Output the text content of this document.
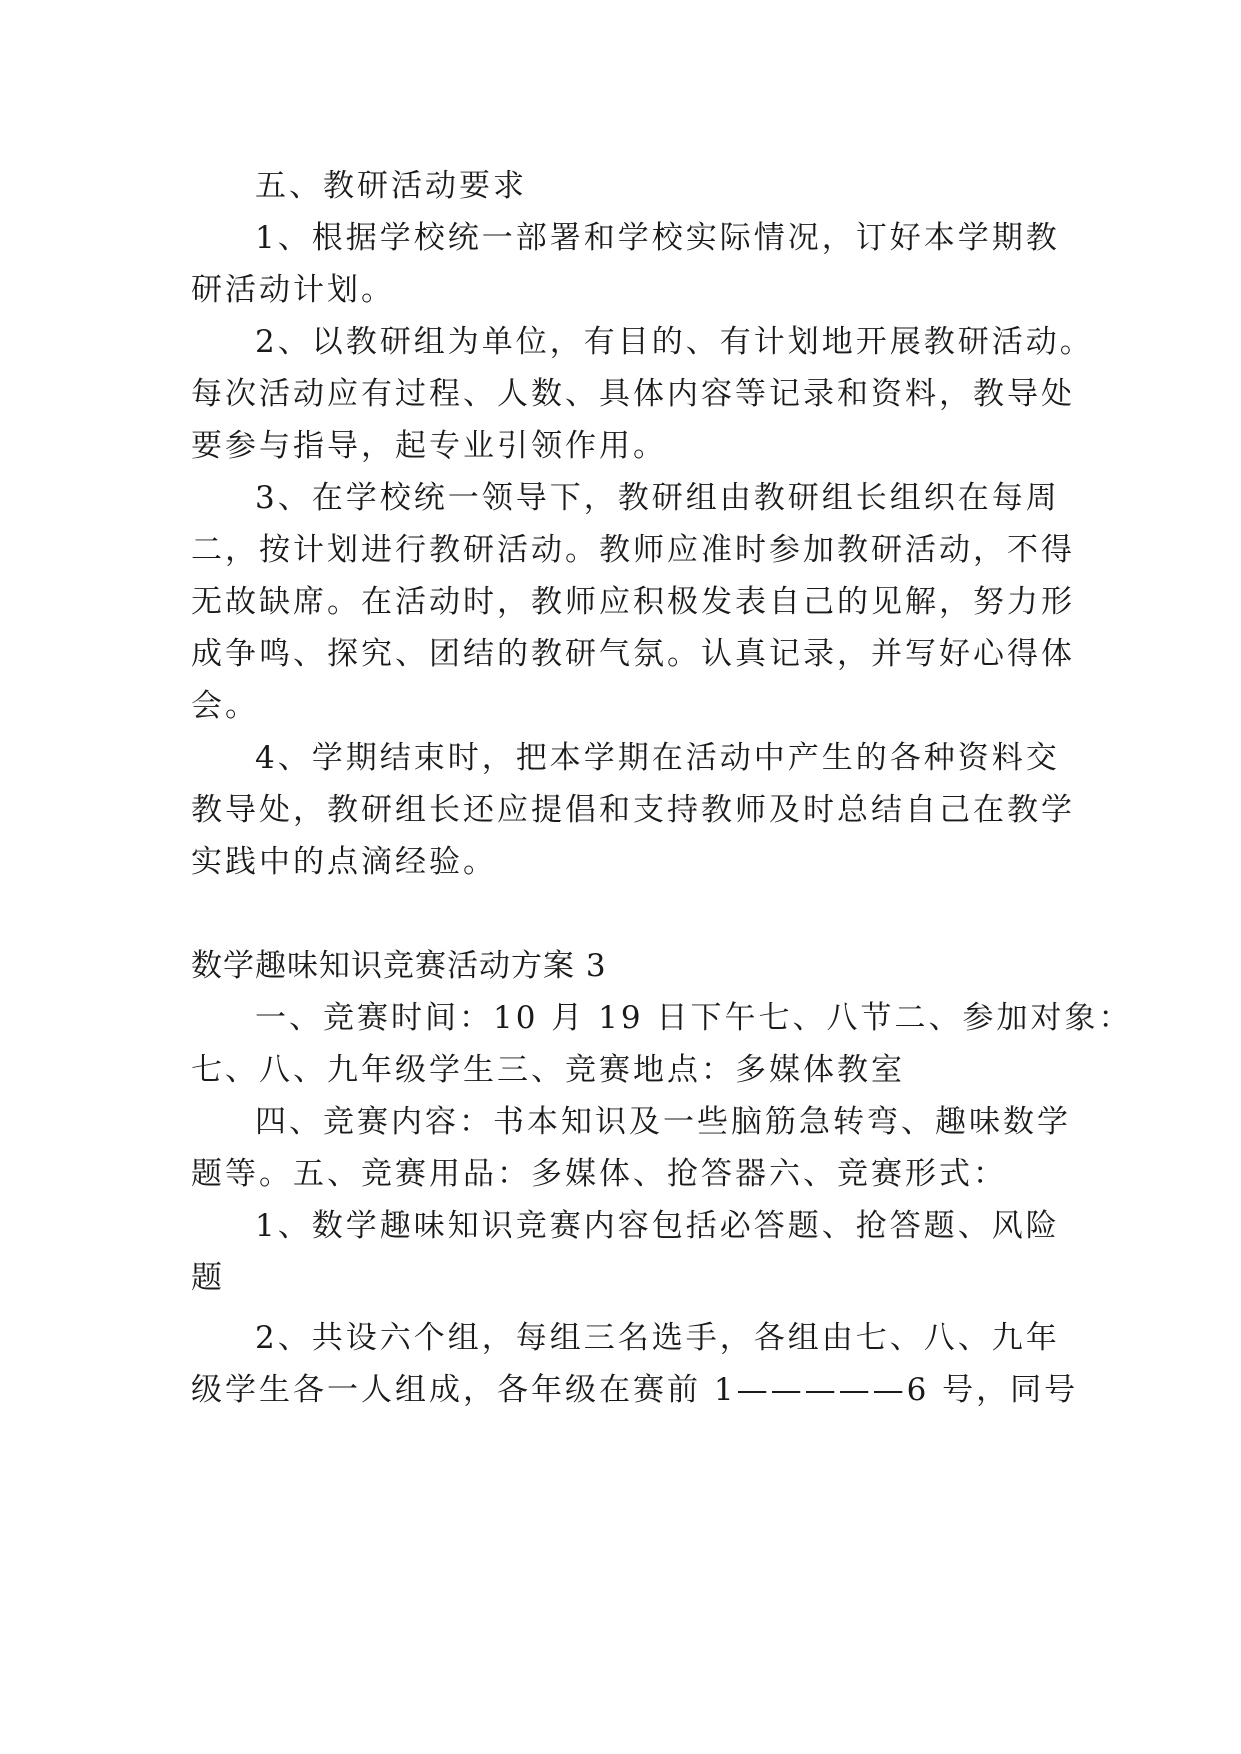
五、教研活动要求

1、根据学校统一部署和学校实际情况，订好本学期教

研活动计划。

2、以教研组为单位，有目的、有计划地开展教研活动。

每次活动应有过程、人数、具体内容等记录和资料，教导处

要参与指导，起专业引领作用。

3、在学校统一领导下，教研组由教研组长组织在每周

二，按计划进行教研活动。教师应准时参加教研活动，不得

无故缺席。在活动时，教师应积极发表自己的见解，努力形

成争鸣、探究、团结的教研气氛。认真记录，并写好心得体

会。

4、学期结束时，把本学期在活动中产生的各种资料交

教导处，教研组长还应提倡和支持教师及时总结自己在教学

实践中的点滴经验。

数学趣味知识竞赛活动方案 3

一、竞赛时间：10 月 19 日下午七、八节二、参加对象：

七、八、九年级学生三、竞赛地点：多媒体教室

四、竞赛内容：书本知识及一些脑筋急转弯、趣味数学

题等。五、竞赛用品：多媒体、抢答器六、竞赛形式：

1、数学趣味知识竞赛内容包括必答题、抢答题、风险

题

2、共设六个组，每组三名选手，各组由七、八、九年

级学生各一人组成，各年级在赛前 1—————6 号，同号
